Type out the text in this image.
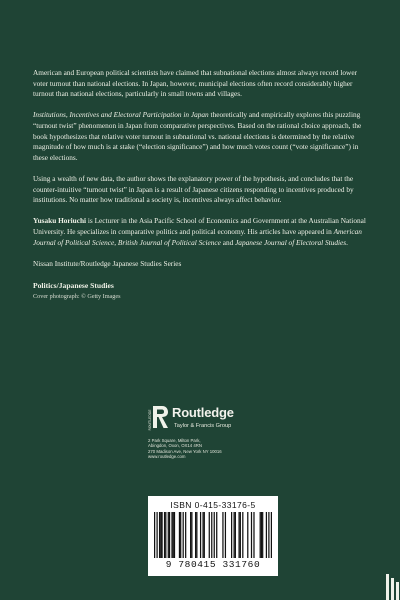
American and European political scientists have claimed that subnational elections almost always record lower voter turnout than national elections. In Japan, however, municipal elections often record considerably higher turnout than national elections, particularly in small towns and villages.

Institutions, Incentives and Electoral Participation in Japan theoretically and empirically explores this puzzling “turnout twist” phenomenon in Japan from comparative perspectives. Based on the rational choice approach, the book hypothesizes that relative voter turnout in subnational vs. national elections is determined by the relative magnitude of how much is at stake (“election significance”) and how much votes count (“vote significance”) in these elections.

Using a wealth of new data, the author shows the explanatory power of the hypothesis, and concludes that the counter-intuitive “turnout twist” in Japan is a result of Japanese citizens responding to incentives produced by institutions. No matter how traditional a society is, incentives always affect behavior.

Yusaku Horiuchi is Lecturer in the Asia Pacific School of Economics and Government at the Australian National University. He specializes in comparative politics and political economy. His articles have appeared in American Journal of Political Science, British Journal of Political Science and Japanese Journal of Electoral Studies.

Nissan Institute/Routledge Japanese Studies Series

Politics/Japanese Studies
Cover photograph: © Getty Images
ROUTLEDGE Routledge
Taylor & Francis Group
2 Park Square, Milton Park,
Abingdon, Oxon, OX14 4RN
270 Madison Ave, New York NY 10016
www.routledge.com
ISBN 0-415-33176-5
9 780415 331760
